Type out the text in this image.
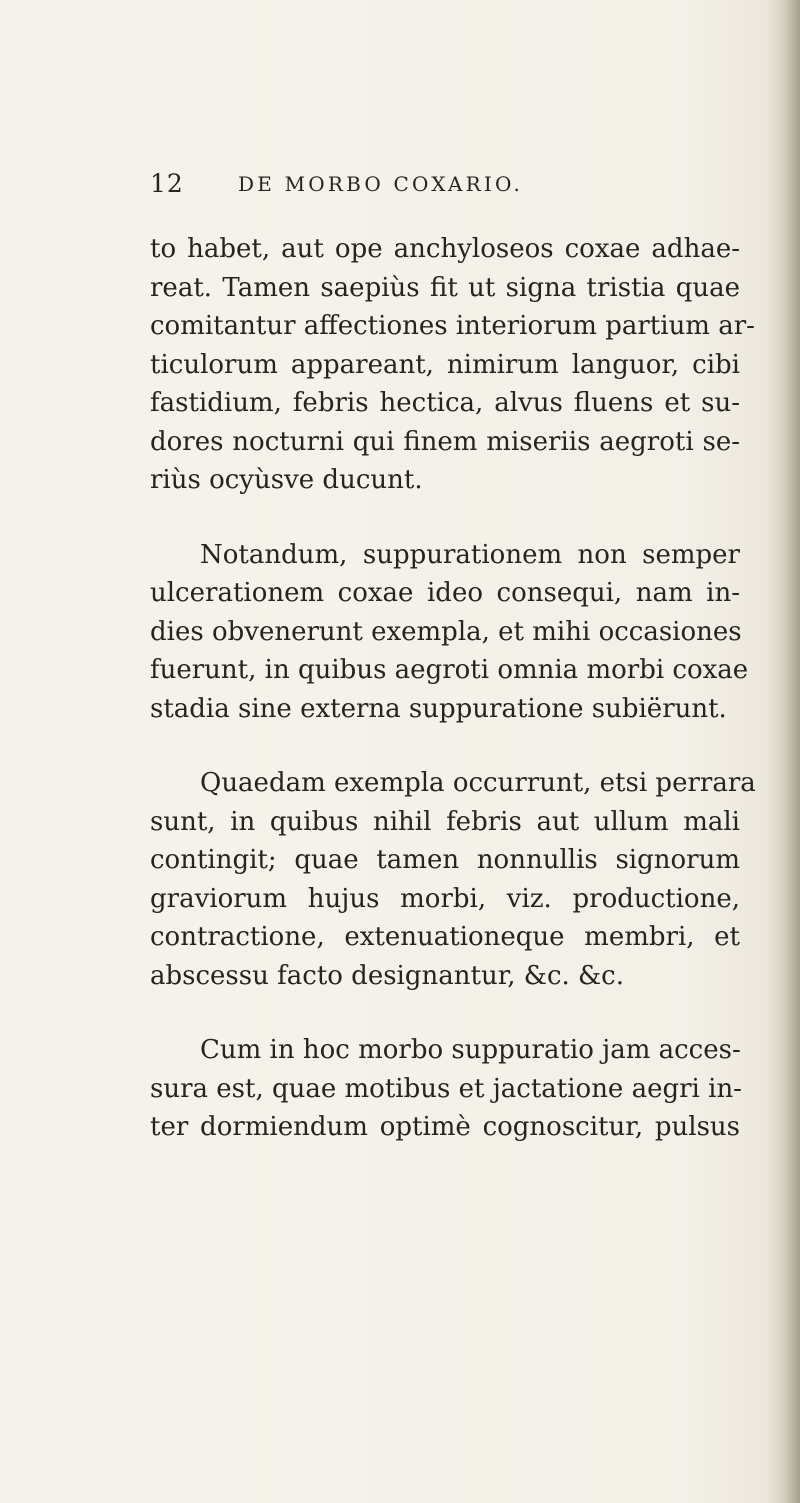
12	DE MORBO COXARIO.
to habet, aut ope anchyloseos coxae adhae-
reat. Tamen saepiùs fit ut signa tristia quae
comitantur affectiones interiorum partium ar-
ticulorum appareant, nimirum languor, cibi
fastidium, febris hectica, alvus fluens et su-
dores nocturni qui finem miseriis aegroti se-
riùs ocyùsve ducunt.
Notandum, suppurationem non semper
ulcerationem coxae ideo consequi, nam in-
dies obvenerunt exempla, et mihi occasiones
fuerunt, in quibus aegroti omnia morbi coxae
stadia sine externa suppuratione subiërunt.
Quaedam exempla occurrunt, etsi perrara
sunt, in quibus nihil febris aut ullum mali
contingit; quae tamen nonnullis signorum
graviorum hujus morbi, viz. productione,
contractione, extenuationeque membri, et
abscessu facto designantur, &c. &c.
Cum in hoc morbo suppuratio jam acces-
sura est, quae motibus et jactatione aegri in-
ter dormiendum optimè cognoscitur, pulsus
